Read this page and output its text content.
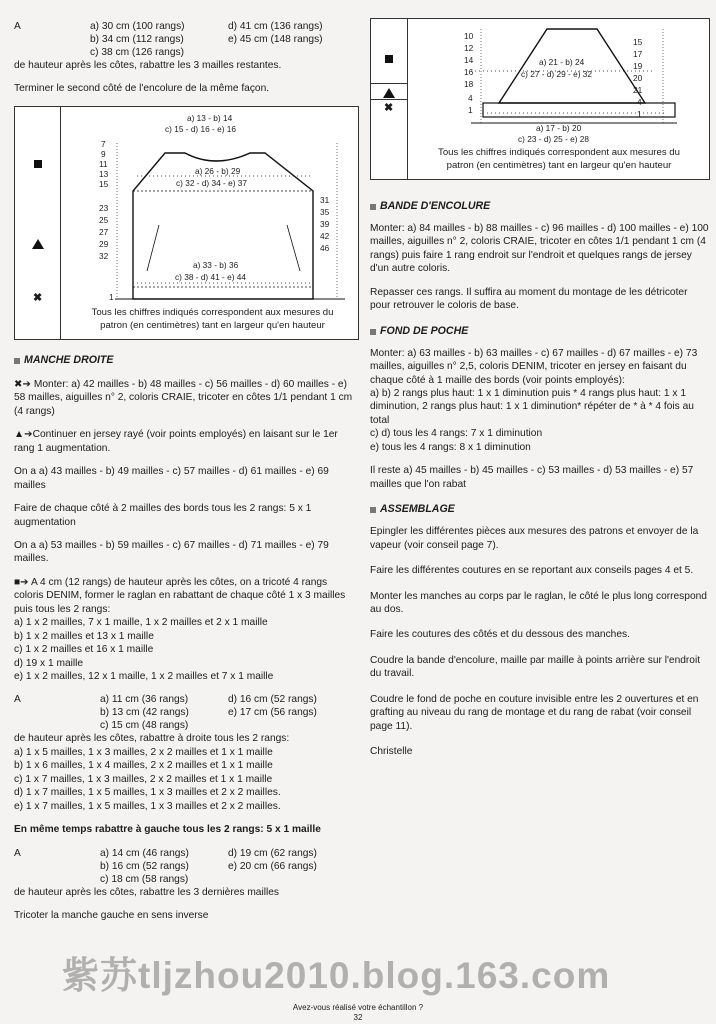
A	a) 30 cm (100 rangs)	d) 41 cm (136 rangs)
b) 34 cm (112 rangs)	e) 45 cm (148 rangs)
c) 38 cm (126 rangs)

de hauteur après les côtes, rabattre les 3 mailles restantes.

Terminer le second côté de l'encolure de la même façon.

✖
a) 13 - b) 14
c) 15 - d) 16 - e) 16
a) 26 - b) 29
c) 32 - d) 34 - e) 37
a) 33 - b) 36
c) 38 - d) 41 - e) 44
7
9
11
13
15
23
25
27
29
32
31
35
39
42
46
1
Tous les chiffres indiqués correspondent aux mesures du
patron (en centimètres) tant en largeur qu'en hauteur
MANCHE DROITE

✖➔ Monter: a) 42 mailles - b) 48 mailles - c) 56 mailles - d) 60 mailles - e) 58 mailles, aiguilles n° 2, coloris CRAIE, tricoter en côtes 1/1 pendant 1 cm (4 rangs)

▲➔Continuer en jersey rayé (voir points employés) en laisant sur le 1er rang 1 augmentation.

On a a) 43 mailles - b) 49 mailles - c) 57 mailles - d) 61 mailles - e) 69 mailles

Faire de chaque côté à 2 mailles des bords tous les 2 rangs: 5 x 1 augmentation

On a a) 53 mailles - b) 59 mailles - c) 67 mailles - d) 71 mailles - e) 79 mailles.

■➔ A 4 cm (12 rangs) de hauteur après les côtes, on a tricoté 4 rangs coloris DENIM, former le raglan en rabattant de chaque côté 1 x 3 mailles puis tous les 2 rangs:

a) 1 x 2 mailles, 7 x 1 maille, 1 x 2 mailles et 2 x 1 maille

b) 1 x 2 mailles et 13 x 1 maille

c) 1 x 2 mailles et 16 x 1 maille

d) 19 x 1 maille

e) 1 x 2 mailles, 12 x 1 maille, 1 x 2 mailles et 7 x 1 maille

A	a) 11 cm (36 rangs)	d) 16 cm (52 rangs)
b) 13 cm (42 rangs)	e) 17 cm (56 rangs)
c) 15 cm (48 rangs)

de hauteur après les côtes, rabattre à droite tous les 2 rangs:

a) 1 x 5 mailles, 1 x 3 mailles, 2 x 2 mailles et 1 x 1 maille

b) 1 x 6 mailles, 1 x 4 mailles, 2 x 2 mailles et 1 x 1 maille

c) 1 x 7 mailles, 1 x 3 mailles, 2 x 2 mailles et 1 x 1 maille

d) 1 x 7 mailles, 1 x 5 mailles, 1 x 3 mailles et 2 x 2 mailles.

e) 1 x 7 mailles, 1 x 5 mailles, 1 x 3 mailles et 2 x 2 mailles.

En même temps rabattre à gauche tous les 2 rangs: 5 x 1 maille

A	a) 14 cm (46 rangs)	d) 19 cm (62 rangs)
b) 16 cm (52 rangs)	e) 20 cm (66 rangs)
c) 18 cm (58 rangs)

de hauteur après les côtes, rabattre les 3 dernières mailles

Tricoter la manche gauche en sens inverse

✖
10
12
14
16
18
4
1
15
17
19
20
21
4
1
a) 21 - b) 24
c) 27 - d) 29 - e) 32
a) 17 - b) 20
c) 23 - d) 25 - e) 28
Tous les chiffres indiqués correspondent aux mesures du
patron (en centimètres) tant en largeur qu'en hauteur
BANDE D'ENCOLURE

Monter: a) 84 mailles - b) 88 mailles - c) 96 mailles - d) 100 mailles - e) 100 mailles, aiguilles n° 2, coloris CRAIE, tricoter en côtes 1/1 pendant 1 cm (4 rangs) puis faire 1 rang endroit sur l'endroit et quelques rangs de jersey d'un autre coloris.

Repasser ces rangs. Il suffira au moment du montage de les détricoter pour retrouver le coloris de base.

FOND DE POCHE

Monter: a) 63 mailles - b) 63 mailles - c) 67 mailles - d) 67 mailles - e) 73 mailles, aiguilles n° 2,5, coloris DENIM, tricoter en jersey en faisant du chaque côté à 1 maille des bords (voir points employés):

a) b) 2 rangs plus haut: 1 x 1 diminution puis * 4 rangs plus haut: 1 x 1 diminution, 2 rangs plus haut: 1 x 1 diminution* répéter de * à * 4 fois au total

c) d) tous les 4 rangs: 7 x 1 diminution

e) tous les 4 rangs: 8 x 1 diminution

Il reste a) 45 mailles - b) 45 mailles - c) 53 mailles - d) 53 mailles - e) 57 mailles que l'on rabat

ASSEMBLAGE

Epingler les différentes pièces aux mesures des patrons et envoyer de la vapeur (voir conseil page 7).

Faire les différentes coutures en se reportant aux conseils pages 4 et 5.

Monter les manches au corps par le raglan, le côté le plus long correspond au dos.

Faire les coutures des côtés et du dessous des manches.

Coudre la bande d'encolure, maille par maille à points arrière sur l'endroit du travail.

Coudre le fond de poche en couture invisible entre les 2 ouvertures et en grafting au niveau du rang de montage et du rang de rabat (voir conseil page 11).

Christelle

紫苏tljzhou2010.blog.163.com
Avez-vous réalisé votre échantillon ?
32
